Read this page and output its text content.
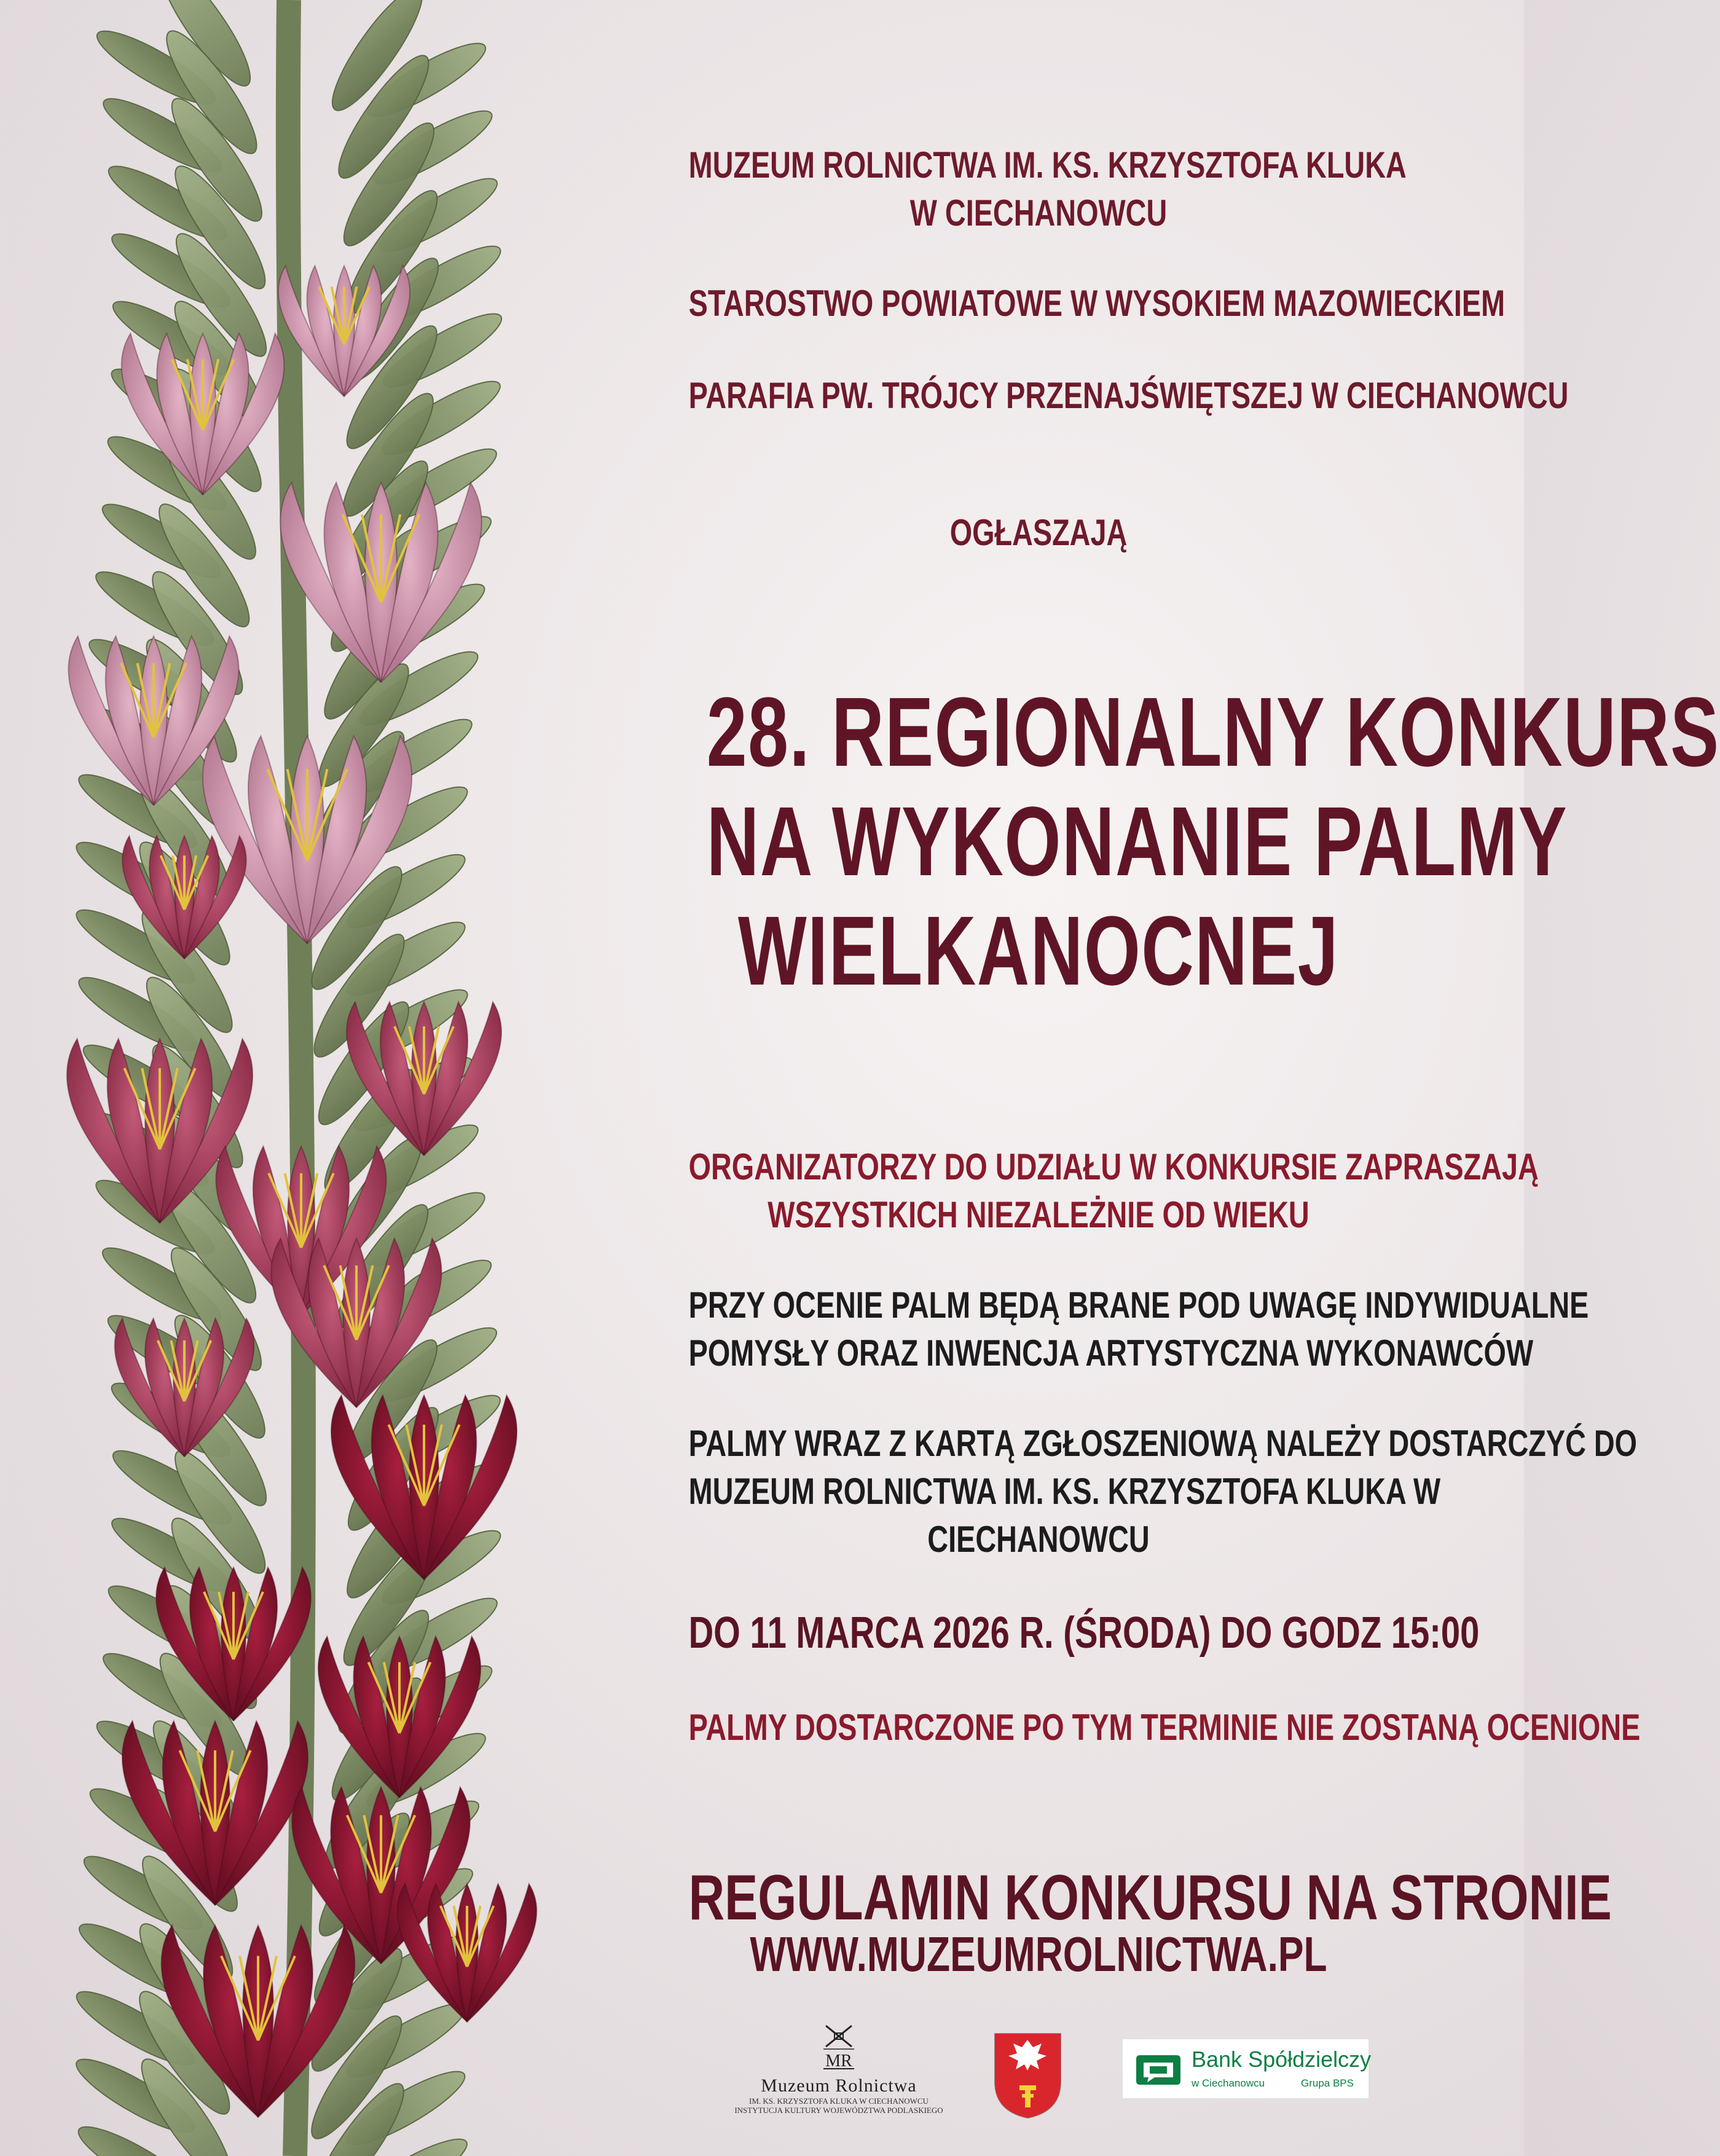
MUZEUM ROLNICTWA IM. KS. KRZYSZTOFA KLUKA
W CIECHANOWCU
STAROSTWO POWIATOWE W WYSOKIEM MAZOWIECKIEM
PARAFIA PW. TRÓJCY PRZENAJŚWIĘTSZEJ W CIECHANOWCU
OGŁASZAJĄ
28. REGIONALNY KONKURS
NA WYKONANIE PALMY
WIELKANOCNEJ
ORGANIZATORZY DO UDZIAŁU W KONKURSIE ZAPRASZAJĄ
WSZYSTKICH NIEZALEŻNIE OD WIEKU
PRZY OCENIE PALM BĘDĄ BRANE POD UWAGĘ INDYWIDUALNE
POMYSŁY ORAZ INWENCJA ARTYSTYCZNA WYKONAWCÓW
PALMY WRAZ Z KARTĄ ZGŁOSZENIOWĄ NALEŻY DOSTARCZYĆ DO
MUZEUM ROLNICTWA IM. KS. KRZYSZTOFA KLUKA W
CIECHANOWCU
DO 11 MARCA 2026 R. (ŚRODA) DO GODZ 15:00
PALMY DOSTARCZONE PO TYM TERMINIE NIE ZOSTANĄ OCENIONE
REGULAMIN KONKURSU NA STRONIE
WWW.MUZEUMROLNICTWA.PL
MR
Muzeum Rolnictwa
IM. KS. KRZYSZTOFA KLUKA W CIECHANOWCU
INSTYTUCJA KULTURY WOJEWÓDZTWA PODLASKIEGO
Bank Spółdzielczy
w Ciechanowcu	Grupa BPS
